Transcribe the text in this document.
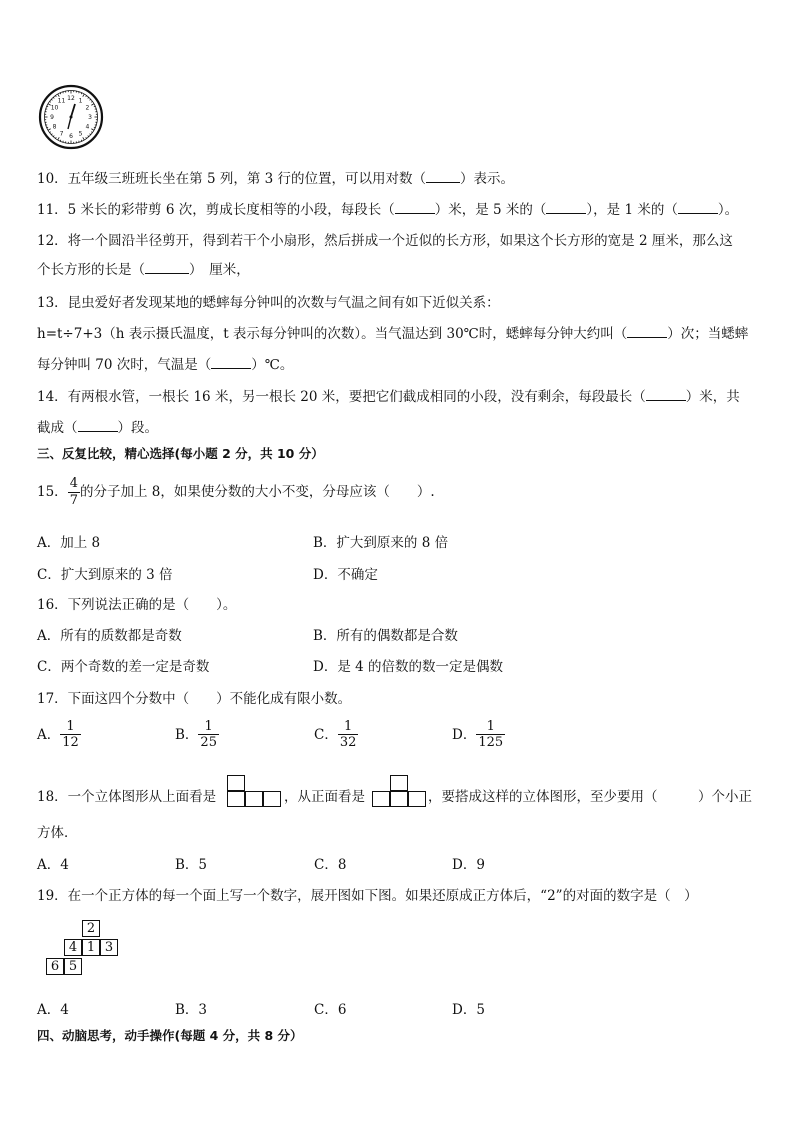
12 1
2
3
4
5
6
7
8
9
10
11
10．五年级三班班长坐在第 5 列，第 3 行的位置，可以用对数（	）表示。
11．5 米长的彩带剪 6 次，剪成长度相等的小段，每段长（	）米，是 5 米的（	），是 1 米的（	）。
12．将一个圆沿半径剪开，得到若干个小扇形，然后拼成一个近似的长方形，如果这个长方形的宽是 2 厘米，那么这
个长方形的长是（	）　厘米，
13．昆虫爱好者发现某地的蟋蟀每分钟叫的次数与气温之间有如下近似关系：
h=t÷7+3（h 表示摄氏温度，t 表示每分钟叫的次数）。当气温达到 30℃时，蟋蟀每分钟大约叫（	）次；当蟋蟀
每分钟叫 70 次时，气温是（	）℃。
14．有两根水管，一根长 16 米，另一根长 20 米，要把它们截成相同的小段，没有剩余，每段最长（	）米，共
截成（	）段。
三、反复比较，精心选择(每小题 2 分，共 10 分）
15． $\frac{4}{7}$ 的分子加上 8，如果使分数的大小不变，分母应该（　　）.
A．加上 8	B．扩大到原来的 8 倍
C．扩大到原来的 3 倍	D．不确定
16．下列说法正确的是（　　）。
A．所有的质数都是奇数	B．所有的偶数都是合数
C．两个奇数的差一定是奇数	D．是 4 的倍数的数一定是偶数
17．下面这四个分数中（　　）不能化成有限小数。
A． $\frac{1}{12}$	B． $\frac{1}{25}$	C． $\frac{1}{32}$	D． $\frac{1}{125}$
18．一个立体图形从上面看是	，从正面看是	，要搭成这样的立体图形，至少要用（　　　）个小正
方体．
A．4	B．5	C．8	D．9
19．在一个正方体的每一个面上写一个数字，展开图如下图。如果还原成正方体后，“2”的对面的数字是（　）
2
4 1 3
6 5
A．4	B．3	C．6	D．5
四、动脑思考，动手操作(每题 4 分，共 8 分）
